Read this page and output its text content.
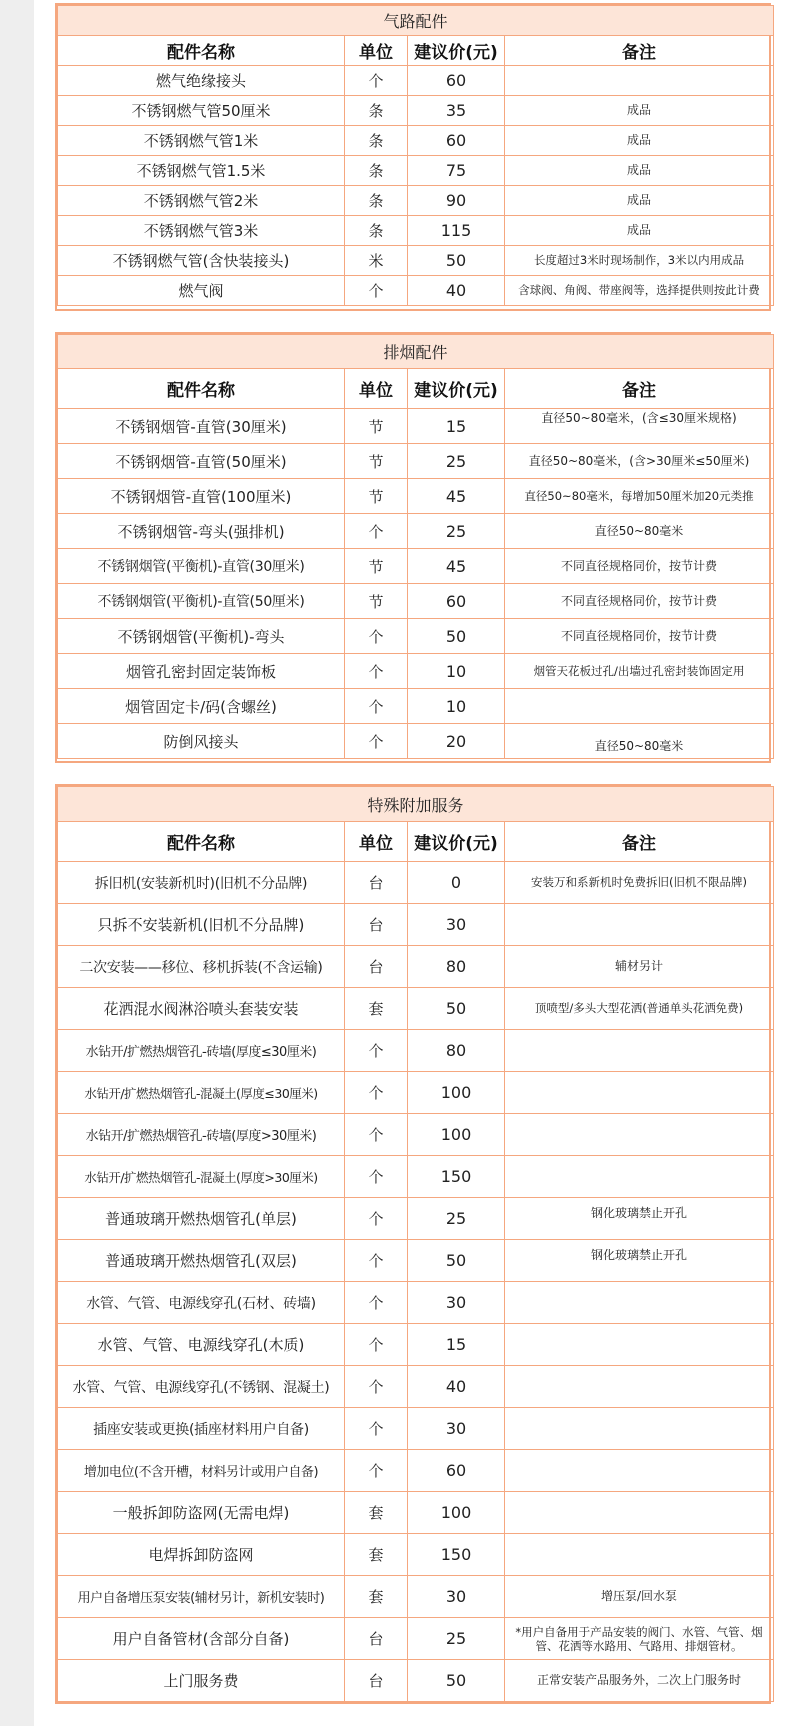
气路配件			
配件名称	单位	建议价(元)	备注
燃气绝缘接头	个	60	
不锈钢燃气管50厘米	条	35	成品
不锈钢燃气管1米	条	60	成品
不锈钢燃气管1.5米	条	75	成品
不锈钢燃气管2米	条	90	成品
不锈钢燃气管3米	条	115	成品
不锈钢燃气管(含快装接头)	米	50	长度超过3米时现场制作，3米以内用成品
燃气阀	个	40	含球阀、角阀、带座阀等，选择提供则按此计费
排烟配件			
配件名称	单位	建议价(元)	备注
不锈钢烟管-直管(30厘米)	节	15	直径50~80毫米，(含≤30厘米规格)
不锈钢烟管-直管(50厘米)	节	25	直径50~80毫米，(含>30厘米≤50厘米)
不锈钢烟管-直管(100厘米)	节	45	直径50~80毫米，每增加50厘米加20元类推
不锈钢烟管-弯头(强排机)	个	25	直径50~80毫米
不锈钢烟管(平衡机)-直管(30厘米)	节	45	不同直径规格同价，按节计费
不锈钢烟管(平衡机)-直管(50厘米)	节	60	不同直径规格同价，按节计费
不锈钢烟管(平衡机)-弯头	个	50	不同直径规格同价，按节计费
烟管孔密封固定装饰板	个	10	烟管天花板过孔/出墙过孔密封装饰固定用
烟管固定卡/码(含螺丝)	个	10	
防倒风接头	个	20	直径50~80毫米
特殊附加服务			
配件名称	单位	建议价(元)	备注
拆旧机(安装新机时)(旧机不分品牌)	台	0	安装万和系新机时免费拆旧(旧机不限品牌)
只拆不安装新机(旧机不分品牌)	台	30	
二次安装——移位、移机拆装(不含运输)	台	80	辅材另计
花洒混水阀淋浴喷头套装安装	套	50	顶喷型/多头大型花洒(普通单头花洒免费)
水钻开/扩燃热烟管孔-砖墙(厚度≤30厘米)	个	80	
水钻开/扩燃热烟管孔-混凝土(厚度≤30厘米)	个	100	
水钻开/扩燃热烟管孔-砖墙(厚度>30厘米)	个	100	
水钻开/扩燃热烟管孔-混凝土(厚度>30厘米)	个	150	
普通玻璃开燃热烟管孔(单层)	个	25	钢化玻璃禁止开孔
普通玻璃开燃热烟管孔(双层)	个	50	钢化玻璃禁止开孔
水管、气管、电源线穿孔(石材、砖墙)	个	30	
水管、气管、电源线穿孔(木质)	个	15	
水管、气管、电源线穿孔(不锈钢、混凝土)	个	40	
插座安装或更换(插座材料用户自备)	个	30	
增加电位(不含开槽，材料另计或用户自备)	个	60	
一般拆卸防盗网(无需电焊)	套	100	
电焊拆卸防盗网	套	150	
用户自备增压泵安装(辅材另计，新机安装时)	套	30	增压泵/回水泵
用户自备管材(含部分自备)	台	25	*用户自备用于产品安装的阀门、水管、气管、烟管、花洒等水路用、气路用、排烟管材。
上门服务费	台	50	正常安装产品服务外，二次上门服务时
